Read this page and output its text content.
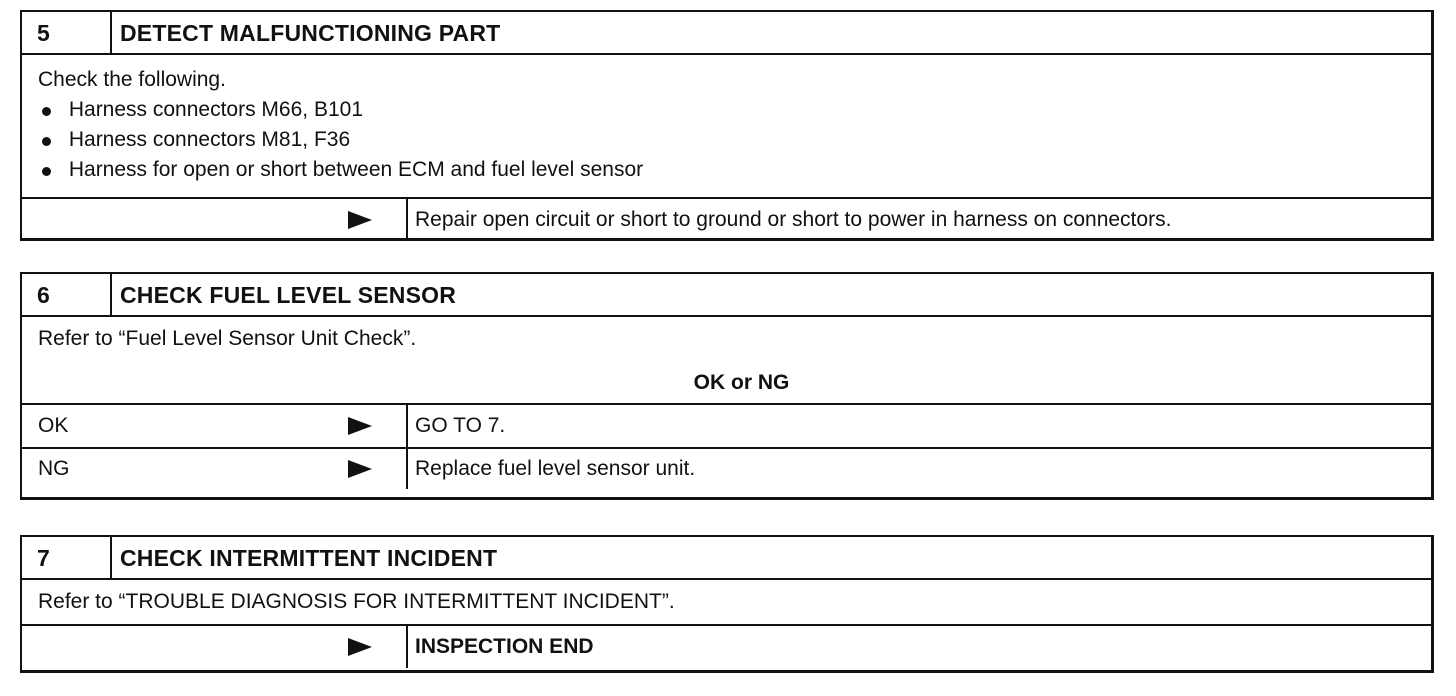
5	DETECT MALFUNCTIONING PART
Check the following.
Harness connectors M66, B101
Harness connectors M81, F36
Harness for open or short between ECM and fuel level sensor
Repair open circuit or short to ground or short to power in harness on connectors.
6	CHECK FUEL LEVEL SENSOR
Refer to “Fuel Level Sensor Unit Check”.
OK or NG
OK	GO TO 7.
NG	Replace fuel level sensor unit.
7	CHECK INTERMITTENT INCIDENT
Refer to “TROUBLE DIAGNOSIS FOR INTERMITTENT INCIDENT”.
INSPECTION END
